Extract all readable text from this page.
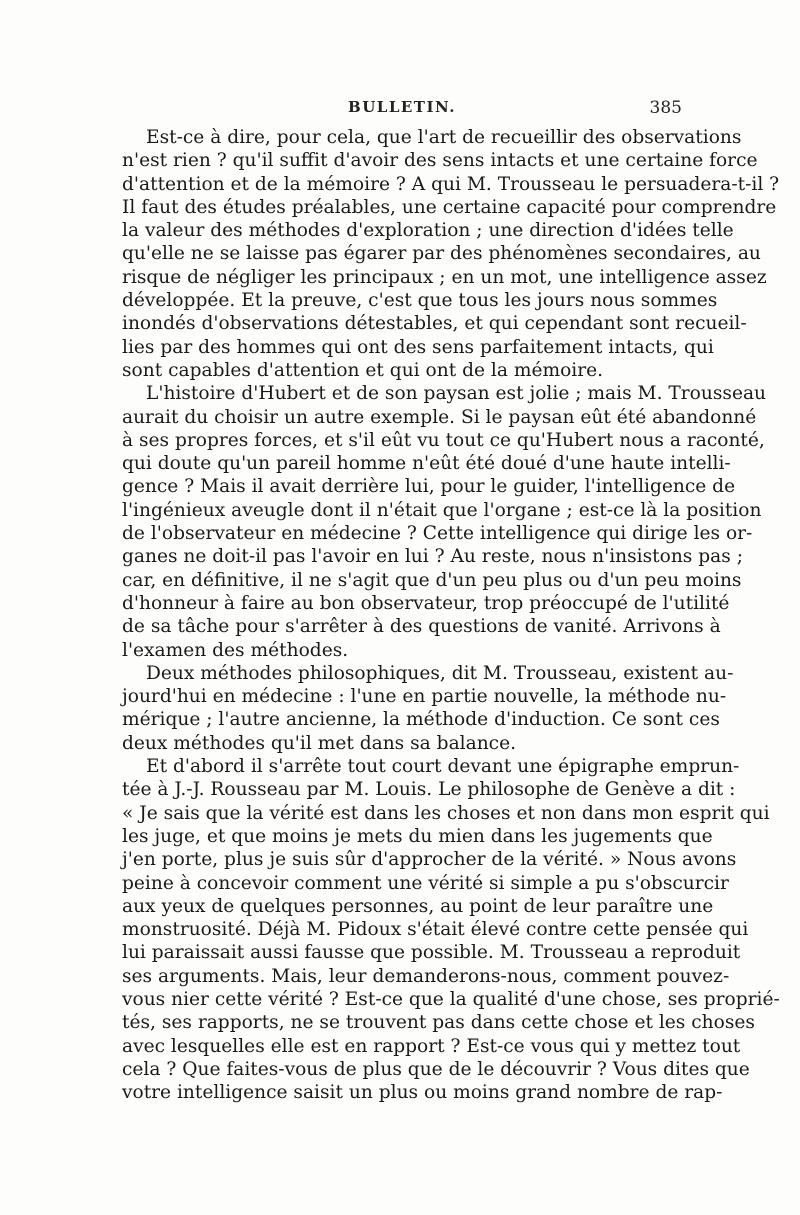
BULLETIN.	385
Est-ce à dire, pour cela, que l'art de recueillir des observations
n'est rien ? qu'il suffit d'avoir des sens intacts et une certaine force
d'attention et de la mémoire ? A qui M. Trousseau le persuadera-t-il ?
Il faut des études préalables, une certaine capacité pour comprendre
la valeur des méthodes d'exploration ; une direction d'idées telle
qu'elle ne se laisse pas égarer par des phénomènes secondaires, au
risque de négliger les principaux ; en un mot, une intelligence assez
développée. Et la preuve, c'est que tous les jours nous sommes
inondés d'observations détestables, et qui cependant sont recueil-
lies par des hommes qui ont des sens parfaitement intacts, qui
sont capables d'attention et qui ont de la mémoire.
L'histoire d'Hubert et de son paysan est jolie ; mais M. Trousseau
aurait du choisir un autre exemple. Si le paysan eût été abandonné
à ses propres forces, et s'il eût vu tout ce qu'Hubert nous a raconté,
qui doute qu'un pareil homme n'eût été doué d'une haute intelli-
gence ? Mais il avait derrière lui, pour le guider, l'intelligence de
l'ingénieux aveugle dont il n'était que l'organe ; est-ce là la position
de l'observateur en médecine ? Cette intelligence qui dirige les or-
ganes ne doit-il pas l'avoir en lui ? Au reste, nous n'insistons pas ;
car, en définitive, il ne s'agit que d'un peu plus ou d'un peu moins
d'honneur à faire au bon observateur, trop préoccupé de l'utilité
de sa tâche pour s'arrêter à des questions de vanité. Arrivons à
l'examen des méthodes.
Deux méthodes philosophiques, dit M. Trousseau, existent au-
jourd'hui en médecine : l'une en partie nouvelle, la méthode nu-
mérique ; l'autre ancienne, la méthode d'induction. Ce sont ces
deux méthodes qu'il met dans sa balance.
Et d'abord il s'arrête tout court devant une épigraphe emprun-
tée à J.-J. Rousseau par M. Louis. Le philosophe de Genève a dit :
« Je sais que la vérité est dans les choses et non dans mon esprit qui
les juge, et que moins je mets du mien dans les jugements que
j'en porte, plus je suis sûr d'approcher de la vérité. » Nous avons
peine à concevoir comment une vérité si simple a pu s'obscurcir
aux yeux de quelques personnes, au point de leur paraître une
monstruosité. Déjà M. Pidoux s'était élevé contre cette pensée qui
lui paraissait aussi fausse que possible. M. Trousseau a reproduit
ses arguments. Mais, leur demanderons-nous, comment pouvez-
vous nier cette vérité ? Est-ce que la qualité d'une chose, ses proprié-
tés, ses rapports, ne se trouvent pas dans cette chose et les choses
avec lesquelles elle est en rapport ? Est-ce vous qui y mettez tout
cela ? Que faites-vous de plus que de le découvrir ? Vous dites que
votre intelligence saisit un plus ou moins grand nombre de rap-
